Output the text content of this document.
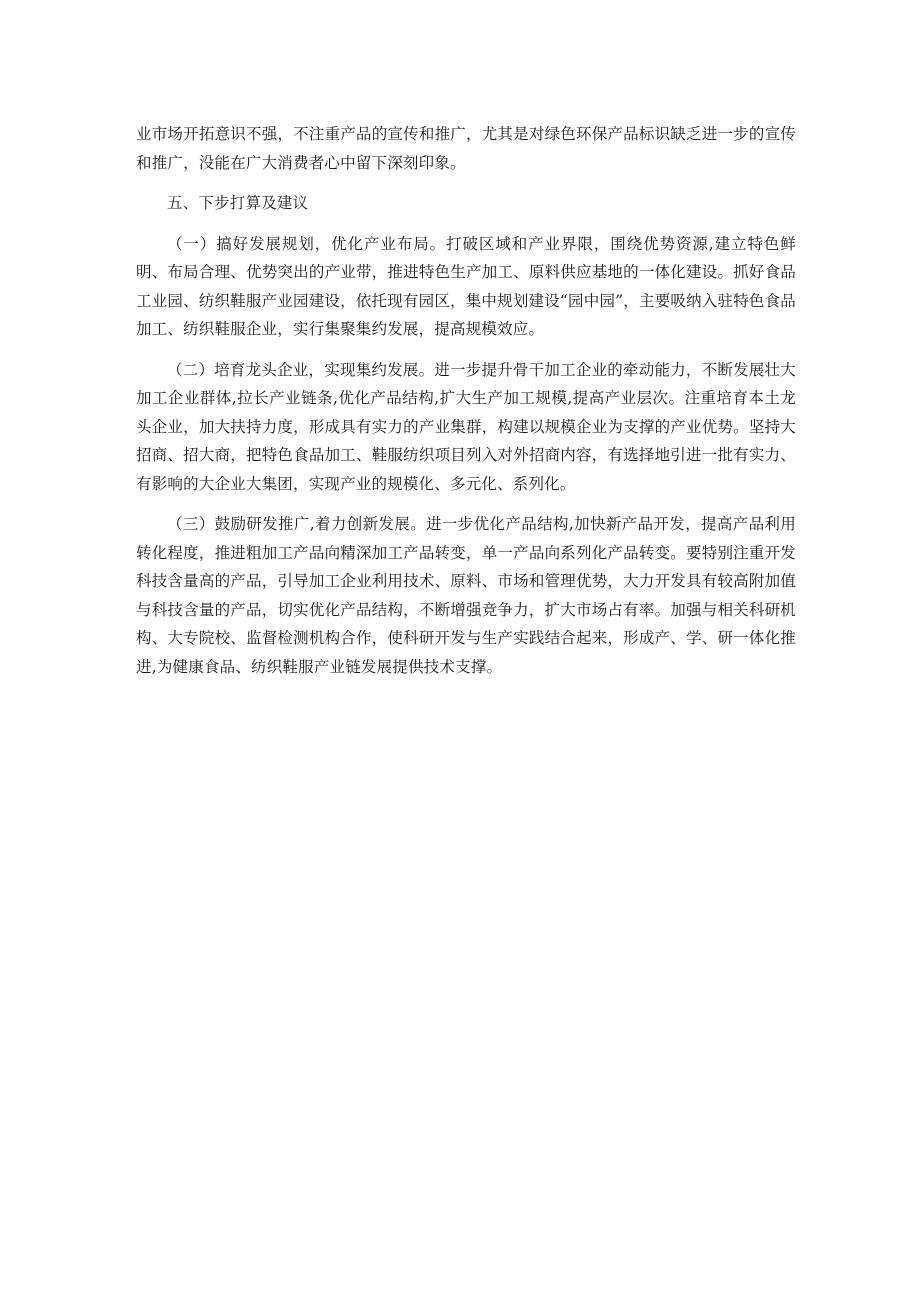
业市场开拓意识不强，不注重产品的宣传和推广，尤其是对绿色环保产品标识缺乏进一步的宣传和推广，没能在广大消费者心中留下深刻印象。

五、下步打算及建议

（一）搞好发展规划，优化产业布局。打破区域和产业界限，围绕优势资源,建立特色鲜明、布局合理、优势突出的产业带，推进特色生产加工、原料供应基地的一体化建设。抓好食品工业园、纺织鞋服产业园建设，依托现有园区，集中规划建设“园中园”，主要吸纳入驻特色食品加工、纺织鞋服企业，实行集聚集约发展，提高规模效应。

（二）培育龙头企业，实现集约发展。进一步提升骨干加工企业的牵动能力，不断发展壮大加工企业群体,拉长产业链条,优化产品结构,扩大生产加工规模,提高产业层次。注重培育本土龙头企业，加大扶持力度，形成具有实力的产业集群，构建以规模企业为支撑的产业优势。坚持大招商、招大商，把特色食品加工、鞋服纺织项目列入对外招商内容，有选择地引进一批有实力、有影响的大企业大集团，实现产业的规模化、多元化、系列化。

（三）鼓励研发推广,着力创新发展。进一步优化产品结构,加快新产品开发，提高产品利用转化程度，推进粗加工产品向精深加工产品转变，单一产品向系列化产品转变。要特别注重开发科技含量高的产品，引导加工企业利用技术、原料、市场和管理优势，大力开发具有较高附加值与科技含量的产品，切实优化产品结构，不断增强竞争力，扩大市场占有率。加强与相关科研机构、大专院校、监督检测机构合作，使科研开发与生产实践结合起来，形成产、学、研一体化推进,为健康食品、纺织鞋服产业链发展提供技术支撑。
